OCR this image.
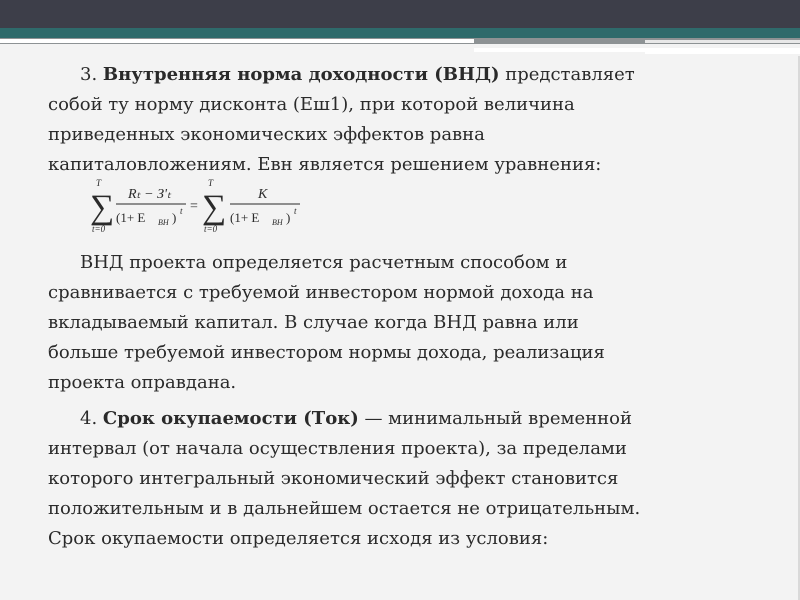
3. Внутренняя норма доходности (ВНД) представляет

собой ту норму дисконта (Еш1), при которой величина

приведенных экономических эффектов равна

капиталовложениям. Евн является решением уравнения:

T
∑
t=0
Rₜ − З'ₜ
(1+ E ВН ) t =
T
∑
t=0
K
(1+ E ВН ) t

ВНД проекта определяется расчетным способом и

сравнивается с требуемой инвестором нормой дохода на

вкладываемый капитал. В случае когда ВНД равна или

больше требуемой инвестором нормы дохода, реализация

проекта оправдана.

4. Срок окупаемости (Ток) — минимальный временной

интервал (от начала осуществления проекта), за пределами

которого интегральный экономический эффект становится

положительным и в дальнейшем остается не отрицательным.

Срок окупаемости определяется исходя из условия:
